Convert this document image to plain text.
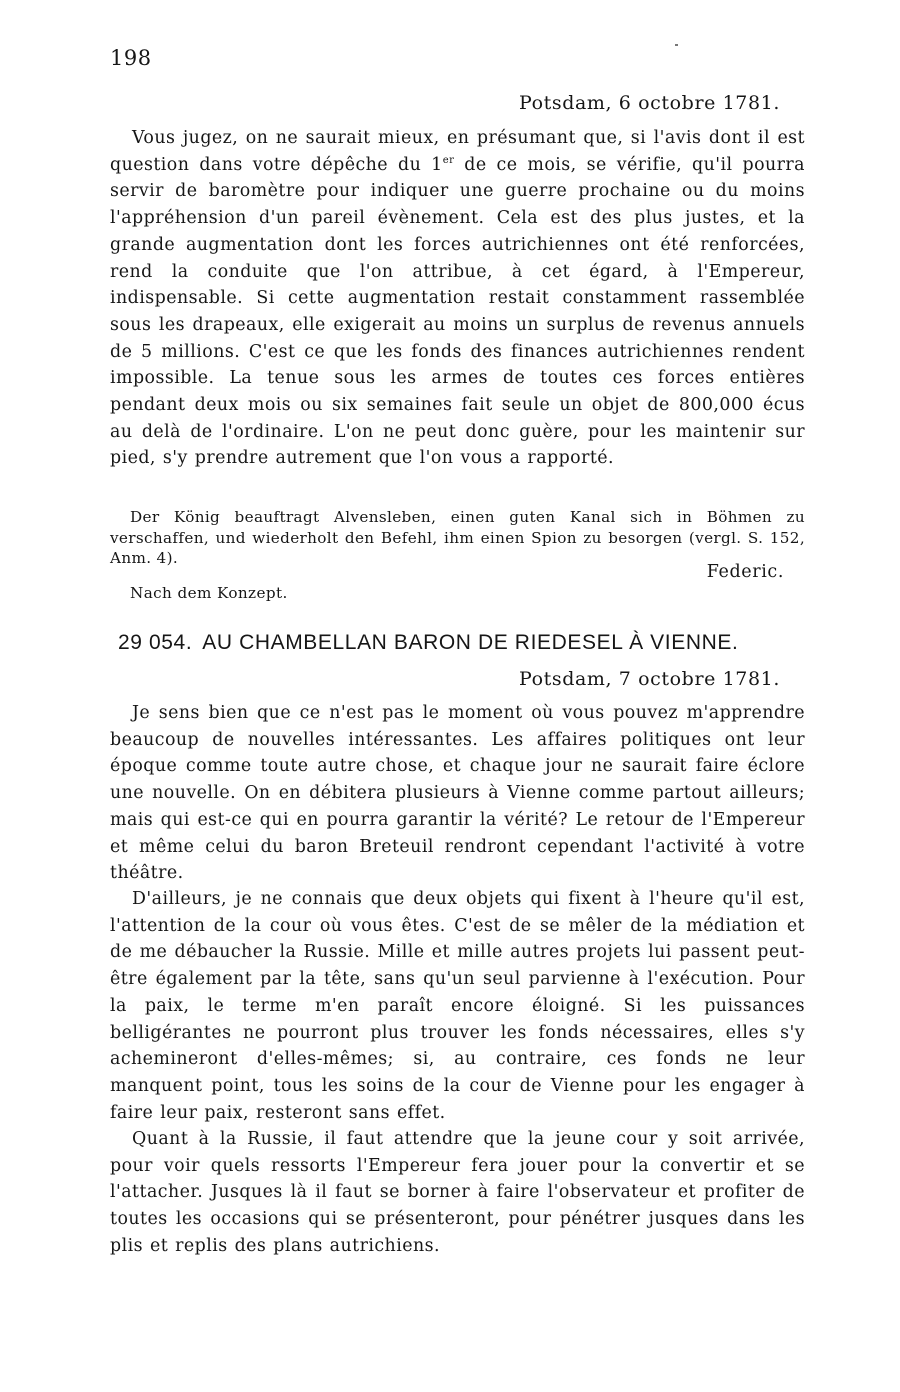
198
Potsdam, 6 octobre 1781.

Vous jugez, on ne saurait mieux, en présumant que, si l'avis dont il est question dans votre dépêche du 1er de ce mois, se vérifie, qu'il pourra servir de baromètre pour indiquer une guerre prochaine ou du moins l'appréhension d'un pareil évènement. Cela est des plus justes, et la grande augmentation dont les forces autrichiennes ont été renforcées, rend la conduite que l'on attribue, à cet égard, à l'Empereur, indispensable. Si cette augmentation restait constamment rassemblée sous les drapeaux, elle exigerait au moins un surplus de revenus annuels de 5 millions. C'est ce que les fonds des finances autrichiennes rendent impossible. La tenue sous les armes de toutes ces forces entières pendant deux mois ou six semaines fait seule un objet de 800,000 écus au delà de l'ordinaire. L'on ne peut donc guère, pour les maintenir sur pied, s'y prendre autrement que l'on vous a rapporté.

Der König beauftragt Alvensleben, einen guten Kanal sich in Böhmen zu verschaffen, und wiederholt den Befehl, ihm einen Spion zu besorgen (vergl. S. 152, Anm. 4).

Federic.
Nach dem Konzept.
29 054. AU CHAMBELLAN BARON DE RIEDESEL À VIENNE.
Potsdam, 7 octobre 1781.

Je sens bien que ce n'est pas le moment où vous pouvez m'apprendre beaucoup de nouvelles intéressantes. Les affaires politiques ont leur époque comme toute autre chose, et chaque jour ne saurait faire éclore une nouvelle. On en débitera plusieurs à Vienne comme partout ailleurs; mais qui est-ce qui en pourra garantir la vérité? Le retour de l'Empereur et même celui du baron Breteuil rendront cependant l'activité à votre théâtre.

D'ailleurs, je ne connais que deux objets qui fixent à l'heure qu'il est, l'attention de la cour où vous êtes. C'est de se mêler de la médiation et de me débaucher la Russie. Mille et mille autres projets lui passent peut-être également par la tête, sans qu'un seul parvienne à l'exécution. Pour la paix, le terme m'en paraît encore éloigné. Si les puissances belligérantes ne pourront plus trouver les fonds nécessaires, elles s'y achemineront d'elles-mêmes; si, au contraire, ces fonds ne leur manquent point, tous les soins de la cour de Vienne pour les engager à faire leur paix, resteront sans effet.

Quant à la Russie, il faut attendre que la jeune cour y soit arrivée, pour voir quels ressorts l'Empereur fera jouer pour la convertir et se l'attacher. Jusques là il faut se borner à faire l'observateur et profiter de toutes les occasions qui se présenteront, pour pénétrer jusques dans les plis et replis des plans autrichiens.
